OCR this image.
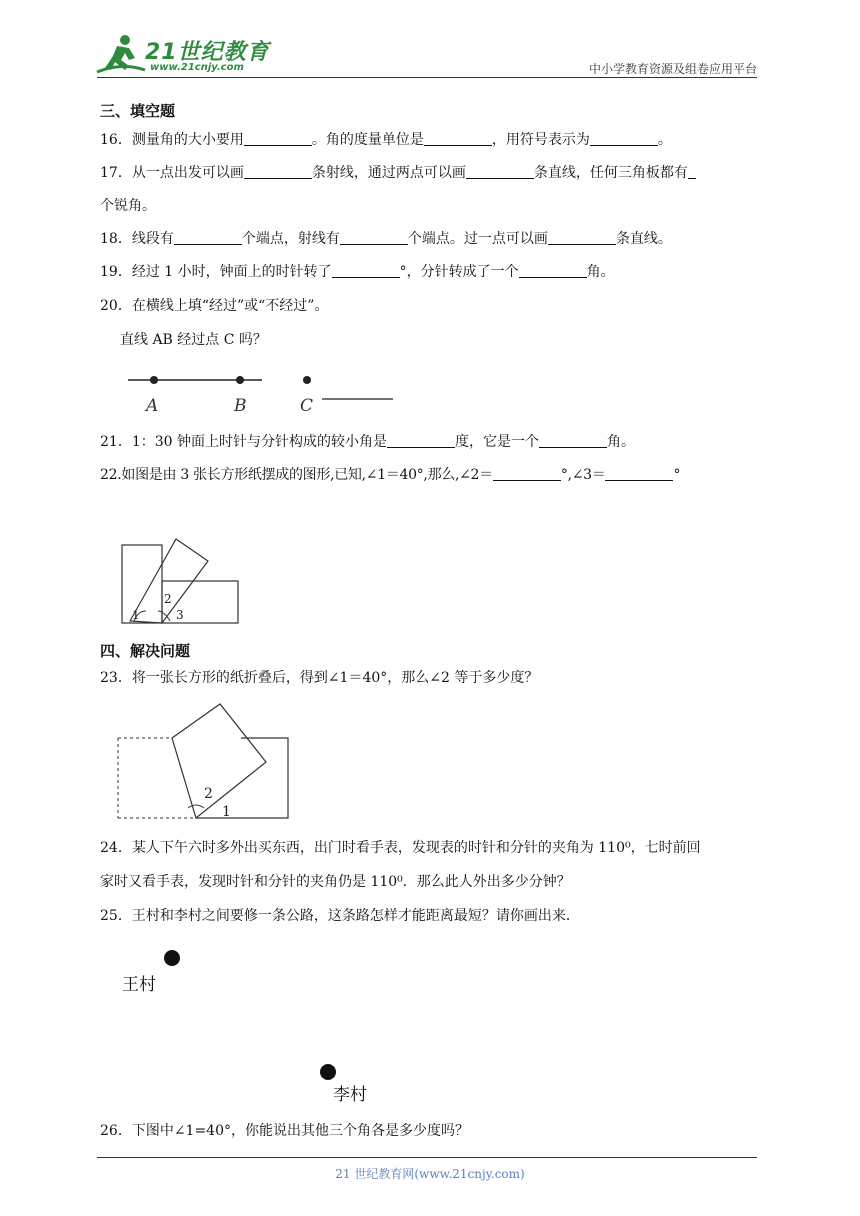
21世纪教育
www.21cnjy.com	中小学教育资源及组卷应用平台
三、填空题
16．测量角的大小要用	。角的度量单位是	，用符号表示为	。
17．从一点出发可以画	条射线，通过两点可以画	条直线，任何三角板都有
个锐角。
18．线段有	个端点，射线有	个端点。过一点可以画	条直线。
19．经过 1 小时，钟面上的时针转了	°，分针转成了一个	角。
20．在横线上填“经过”或“不经过”。
直线 AB 经过点 C 吗？
A	B	C
21．1：30 钟面上时针与分针构成的较小角是	度，它是一个	角。
22.如图是由 3 张长方形纸摆成的图形,已知,∠1＝40°,那么,∠2＝	°,∠3＝	°
1
2
3
四、解决问题
23．将一张长方形的纸折叠后，得到∠1＝40°，那么∠2 等于多少度？
2
1
24．某人下午六时多外出买东西，出门时看手表，发现表的时针和分针的夹角为 110⁰，七时前回
家时又看手表，发现时针和分针的夹角仍是 110⁰．那么此人外出多少分钟？
25．王村和李村之间要修一条公路，这条路怎样才能距离最短？请你画出来．
王村
李村
26．下图中∠1=40°，你能说出其他三个角各是多少度吗？
21 世纪教育网(www.21cnjy.com)
